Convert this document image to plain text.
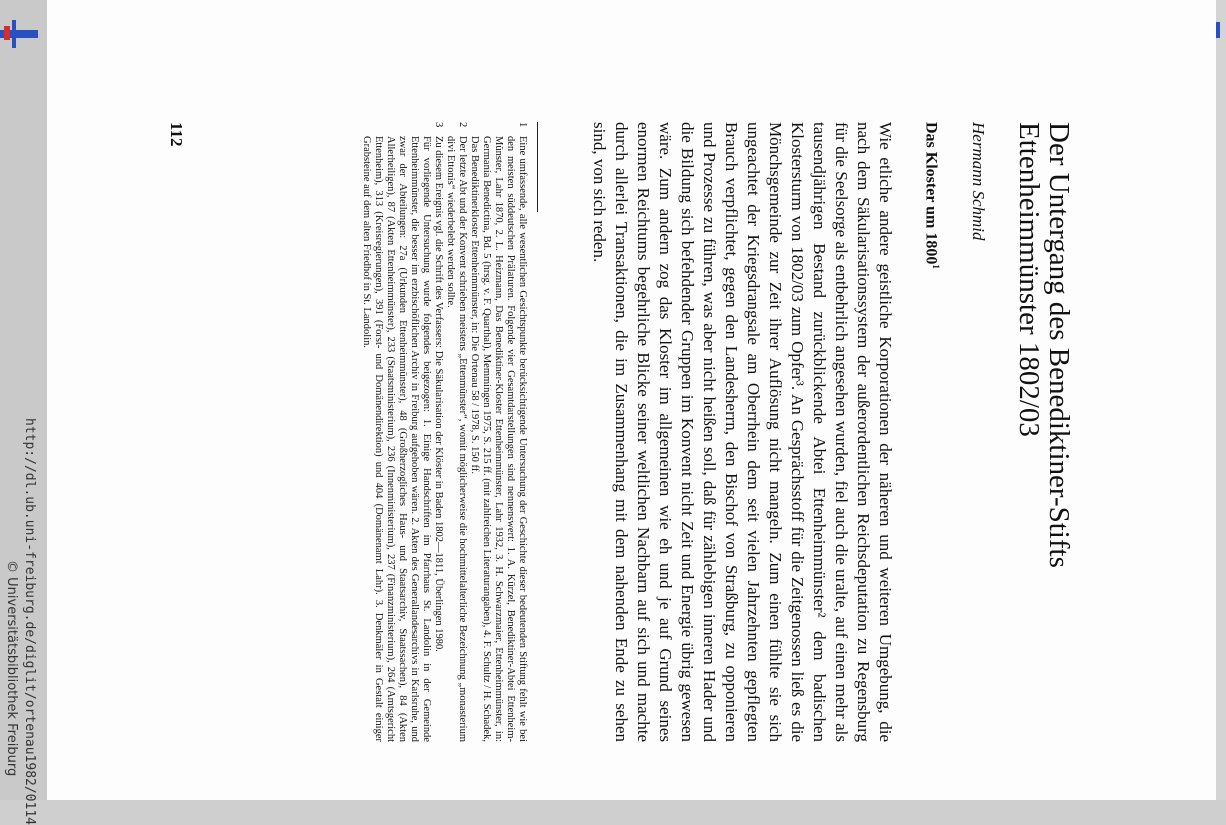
Der Untergang des Benediktiner-Stifts Ettenheimmünster 1802/03
Hermann Schmid
Das Kloster um 1800$^1$
Wie etliche andere geistliche Korporationen der näheren und weiteren Umgebung, die nach dem Säkularisationssystem der außerordentlichen Reichsdeputation zu Regensburg für die Seelsorge als entbehrlich angesehen wurden, fiel auch die uralte, auf einen mehr als tausendjährigen Bestand zurückblickende Abtei Ettenheimmünster² dem badischen Klostersturm von 1802/03 zum Opfer³. An Gesprächsstoff für die Zeitgenossen ließ es die Mönchsgemeinde zur Zeit ihrer Auflösung nicht mangeln. Zum einen fühlte sie sich ungeachtet der Kriegsdrangsale am Oberrhein dem seit vielen Jahrzehnten gepflegten Brauch verpflichtet, gegen den Landesherrn, den Bischof von Straßburg, zu opponieren und Prozesse zu führen, was aber nicht heißen soll, daß für zählebigen inneren Hader und die Bildung sich befehdender Gruppen im Konvent nicht Zeit und Energie übrig gewesen wäre. Zum andern zog das Kloster im allgemeinen wie eh und je auf Grund seines enormen Reichtums begehrliche Blicke seiner weltlichen Nachbarn auf sich und machte durch allerlei Transaktionen, die im Zusammenhang mit dem nahenden Ende zu sehen sind, von sich reden.

1
Eine umfassende, alle wesentlichen Gesichtspunkte berücksichtigende Untersuchung der Geschichte dieser bedeutenden Stiftung fehlt wie bei den meisten süddeutschen Prälaturen. Folgende vier Gesamtdarstellungen sind nennenswert: 1. A. Kürzel, Benediktiner-Abtei Ettenheim-Münster, Lahr 1870, 2. L. Heizmann, Das Benediktiner-Kloster Ettenheimmünster, Lahr 1932, 3. H. Schwarzmaier, Ettenheimmünster, in: Germania Benedictina, Bd. 5 (hrsg. v. F. Quarthal), Memmingen 1975, S. 215 ff. (mit zahlreichen Literaturangaben), 4. F. Schultz / H. Schadek, Das Benediktinerkloster Ettenheimmünster, in: Die Ortenau 58 / 1978, S. 150 ff.

2
Der letzte Abt und der Konvent schrieben meistens „Ettenmünster“, womit möglicherweise die hochmittelalterliche Bezeichnung „monasterium divi Ettonis“ wiederbelebt werden sollte.

3
Zu diesem Ereignis vgl. die Schrift des Verfassers: Die Säkularisation der Klöster in Baden 1802—1811, Überlingen 1980.

Für vorliegende Untersuchung wurde folgendes beigezogen: 1. Einige Handschriften im Pfarrhaus St. Landolin in der Gemeinde Ettenheimmünster, die besser im erzbischöflichen Archiv in Freiburg aufgehoben wären. 2. Akten des Generallandesarchivs in Karlsruhe, und zwar der Abteilungen: 27a (Urkunden Ettenheimmünster), 48 (Großherzogliches Haus- und Staatsarchiv, Staatssachen), 84 (Akten Allerheiligen), 87 (Akten Ettenheimmünster), 233 (Staatsministerium), 236 (Innenministerium), 237 (Finanzministerium), 264 (Amtsgericht Ettenheim), 313 (Kreisregierungen), 391 (Forst- und Domänendirektion) und 404 (Domänenamt Lahr). 3. Denkmäler in Gestalt einiger Grabsteine auf dem alten Friedhof in St. Landolin.

112
http://dl.ub.uni-freiburg.de/diglit/ortenau1982/0114
© Universitätsbibliothek Freiburg
